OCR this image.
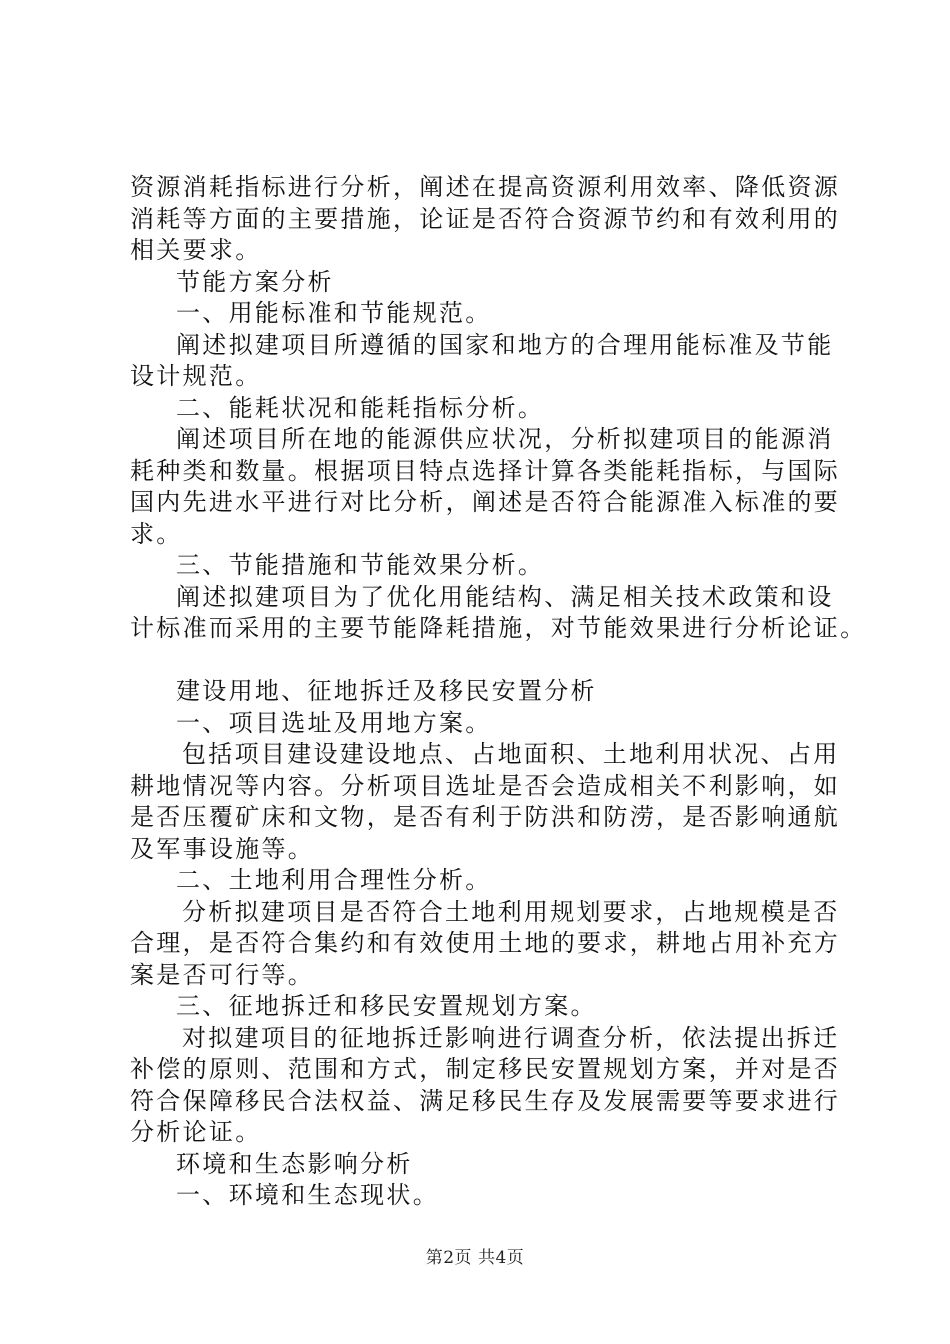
资源消耗指标进行分析，阐述在提高资源利用效率、降低资源
消耗等方面的主要措施，论证是否符合资源节约和有效利用的
相关要求。
节能方案分析
一、用能标准和节能规范。
阐述拟建项目所遵循的国家和地方的合理用能标准及节能
设计规范。
二、能耗状况和能耗指标分析。
阐述项目所在地的能源供应状况，分析拟建项目的能源消
耗种类和数量。根据项目特点选择计算各类能耗指标，与国际
国内先进水平进行对比分析，阐述是否符合能源准入标准的要
求。
三、节能措施和节能效果分析。
阐述拟建项目为了优化用能结构、满足相关技术政策和设
计标准而采用的主要节能降耗措施，对节能效果进行分析论证。
建设用地、征地拆迁及移民安置分析
一、项目选址及用地方案。
包括项目建设建设地点、占地面积、土地利用状况、占用
耕地情况等内容。分析项目选址是否会造成相关不利影响，如
是否压覆矿床和文物，是否有利于防洪和防涝，是否影响通航
及军事设施等。
二、土地利用合理性分析。
分析拟建项目是否符合土地利用规划要求，占地规模是否
合理，是否符合集约和有效使用土地的要求，耕地占用补充方
案是否可行等。
三、征地拆迁和移民安置规划方案。
对拟建项目的征地拆迁影响进行调查分析，依法提出拆迁
补偿的原则、范围和方式，制定移民安置规划方案，并对是否
符合保障移民合法权益、满足移民生存及发展需要等要求进行
分析论证。
环境和生态影响分析
一、环境和生态现状。
第2页 共4页
